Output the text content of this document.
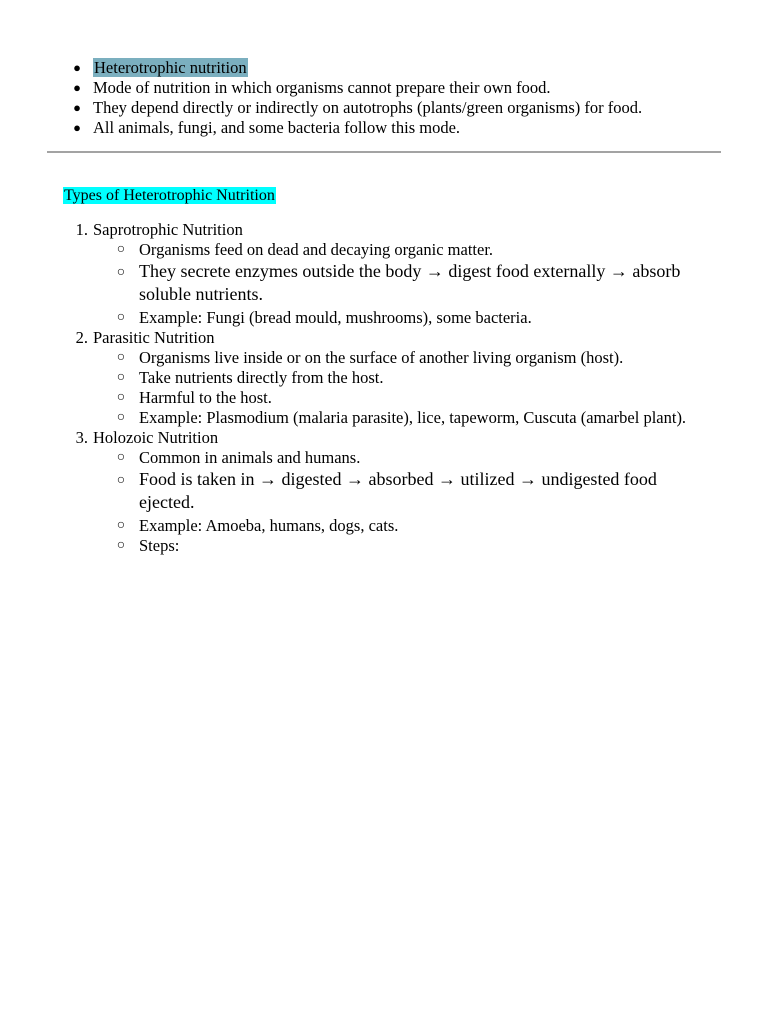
● Heterotrophic nutrition
● Mode of nutrition in which organisms cannot prepare their own food.
● They depend directly or indirectly on autotrophs (plants/green organisms) for food.
● All animals, fungi, and some bacteria follow this mode.
Types of Heterotrophic Nutrition
1. Saprotrophic Nutrition
○ Organisms feed on dead and decaying organic matter.
○ They secrete enzymes outside the body → digest food externally → absorb soluble nutrients.
○ Example: Fungi (bread mould, mushrooms), some bacteria.
2. Parasitic Nutrition
○ Organisms live inside or on the surface of another living organism (host).
○ Take nutrients directly from the host.
○ Harmful to the host.
○ Example: Plasmodium (malaria parasite), lice, tapeworm, Cuscuta (amarbel plant).
3. Holozoic Nutrition
○ Common in animals and humans.
○ Food is taken in → digested → absorbed → utilized → undigested food ejected.
○ Example: Amoeba, humans, dogs, cats.
○ Steps:
